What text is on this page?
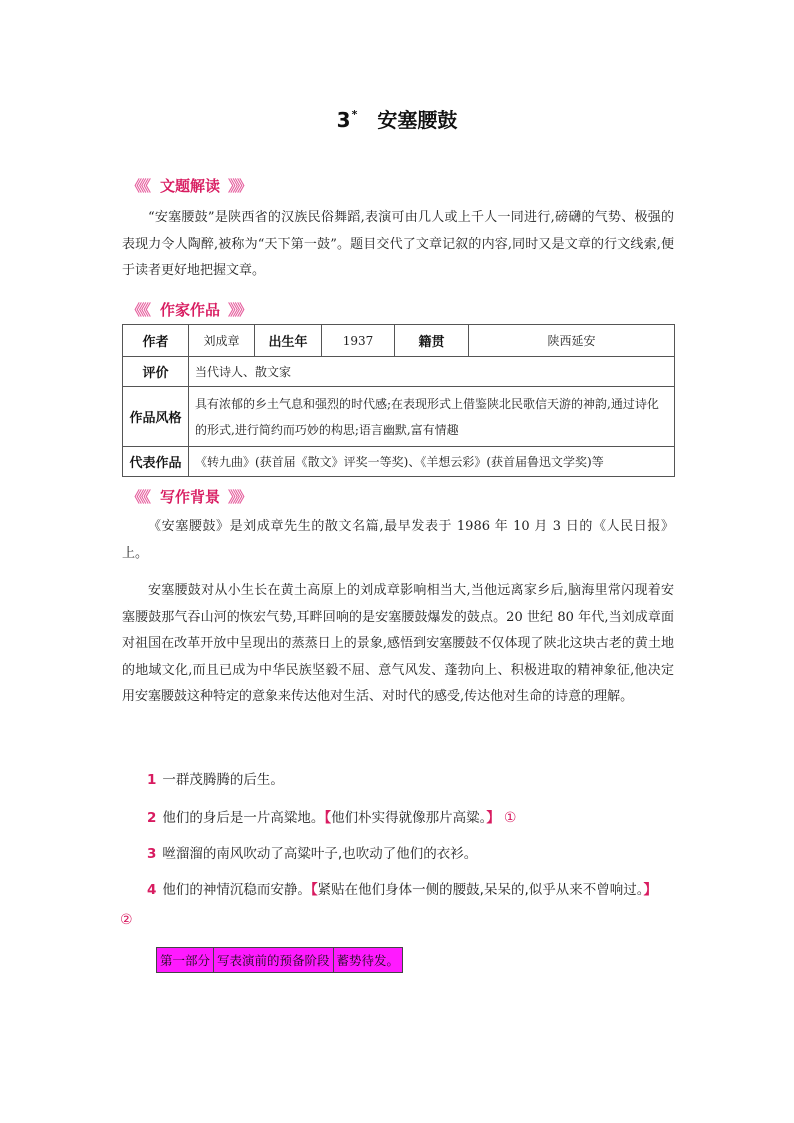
3* 安塞腰鼓
《《《 文题解读 》》》
“安塞腰鼓”是陕西省的汉族民俗舞蹈,表演可由几人或上千人一同进行,磅礴的气势、极强的表现力令人陶醉,被称为“天下第一鼓”。题目交代了文章记叙的内容,同时又是文章的行文线索,便于读者更好地把握文章。
《《《 作家作品 》》》
作者	刘成章	出生年	1937	籍贯	陕西延安
评价	当代诗人、散文家				
作品风格	具有浓郁的乡土气息和强烈的时代感;在表现形式上借鉴陕北民歌信天游的神韵,通过诗化的形式,进行简约而巧妙的构思;语言幽默,富有情趣				
代表作品	《转九曲》(获首届《散文》评奖一等奖)、《羊想云彩》(获首届鲁迅文学奖)等				
《《《 写作背景 》》》
《安塞腰鼓》是刘成章先生的散文名篇,最早发表于 1986 年 10 月 3 日的《人民日报》上。
安塞腰鼓对从小生长在黄土高原上的刘成章影响相当大,当他远离家乡后,脑海里常闪现着安塞腰鼓那气吞山河的恢宏气势,耳畔回响的是安塞腰鼓爆发的鼓点。20 世纪 80 年代,当刘成章面对祖国在改革开放中呈现出的蒸蒸日上的景象,感悟到安塞腰鼓不仅体现了陕北这块古老的黄土地的地域文化,而且已成为中华民族坚毅不屈、意气风发、蓬勃向上、积极进取的精神象征,他决定用安塞腰鼓这种特定的意象来传达他对生活、对时代的感受,传达他对生命的诗意的理解。
1 一群茂腾腾的后生。
2 他们的身后是一片高粱地。【他们朴实得就像那片高粱。】 ①
3 咝溜溜的南风吹动了高粱叶子,也吹动了他们的衣衫。
4 他们的神情沉稳而安静。【紧贴在他们身体一侧的腰鼓,呆呆的,似乎从来不曾响过。】
②
第一部分 写表演前的预备阶段 蓄势待发。
